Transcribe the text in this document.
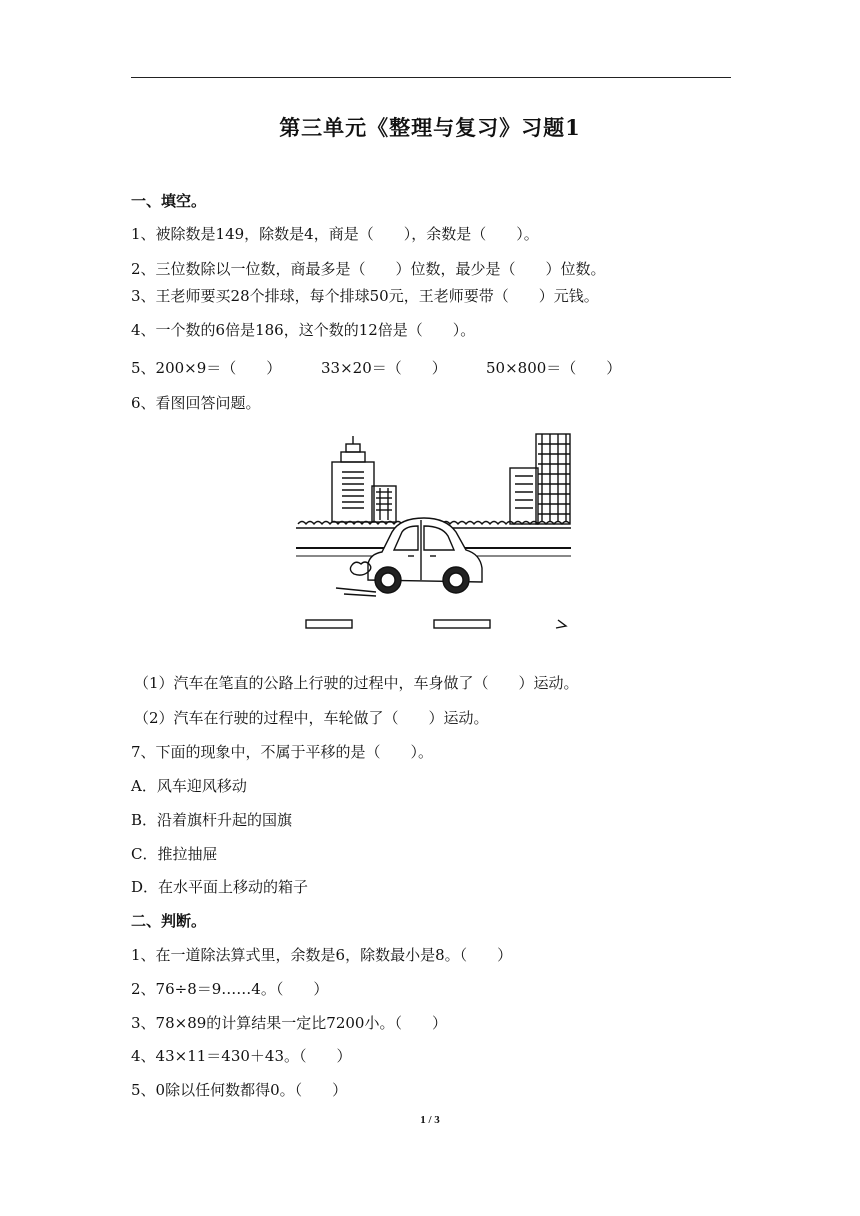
第三单元《整理与复习》习题1
一、填空。
1、被除数是149，除数是4，商是（　　），余数是（　　）。
2、三位数除以一位数，商最多是（　　）位数，最少是（　　）位数。
3、王老师要买28个排球，每个排球50元，王老师要带（　　）元钱。
4、一个数的6倍是186，这个数的12倍是（　　）。
5、200×9＝（　　）	33×20＝（　　）	50×800＝（　　）
6、看图回答问题。
（1）汽车在笔直的公路上行驶的过程中，车身做了（　　）运动。
（2）汽车在行驶的过程中，车轮做了（　　）运动。
7、下面的现象中，不属于平移的是（　　）。
A．风车迎风移动
B．沿着旗杆升起的国旗
C．推拉抽屉
D．在水平面上移动的箱子
二、判断。
1、在一道除法算式里，余数是6，除数最小是8。（　　）
2、76÷8＝9……4。（　　）
3、78×89的计算结果一定比7200小。（　　）
4、43×11＝430＋43。（　　）
5、0除以任何数都得0。（　　）
1 / 3
